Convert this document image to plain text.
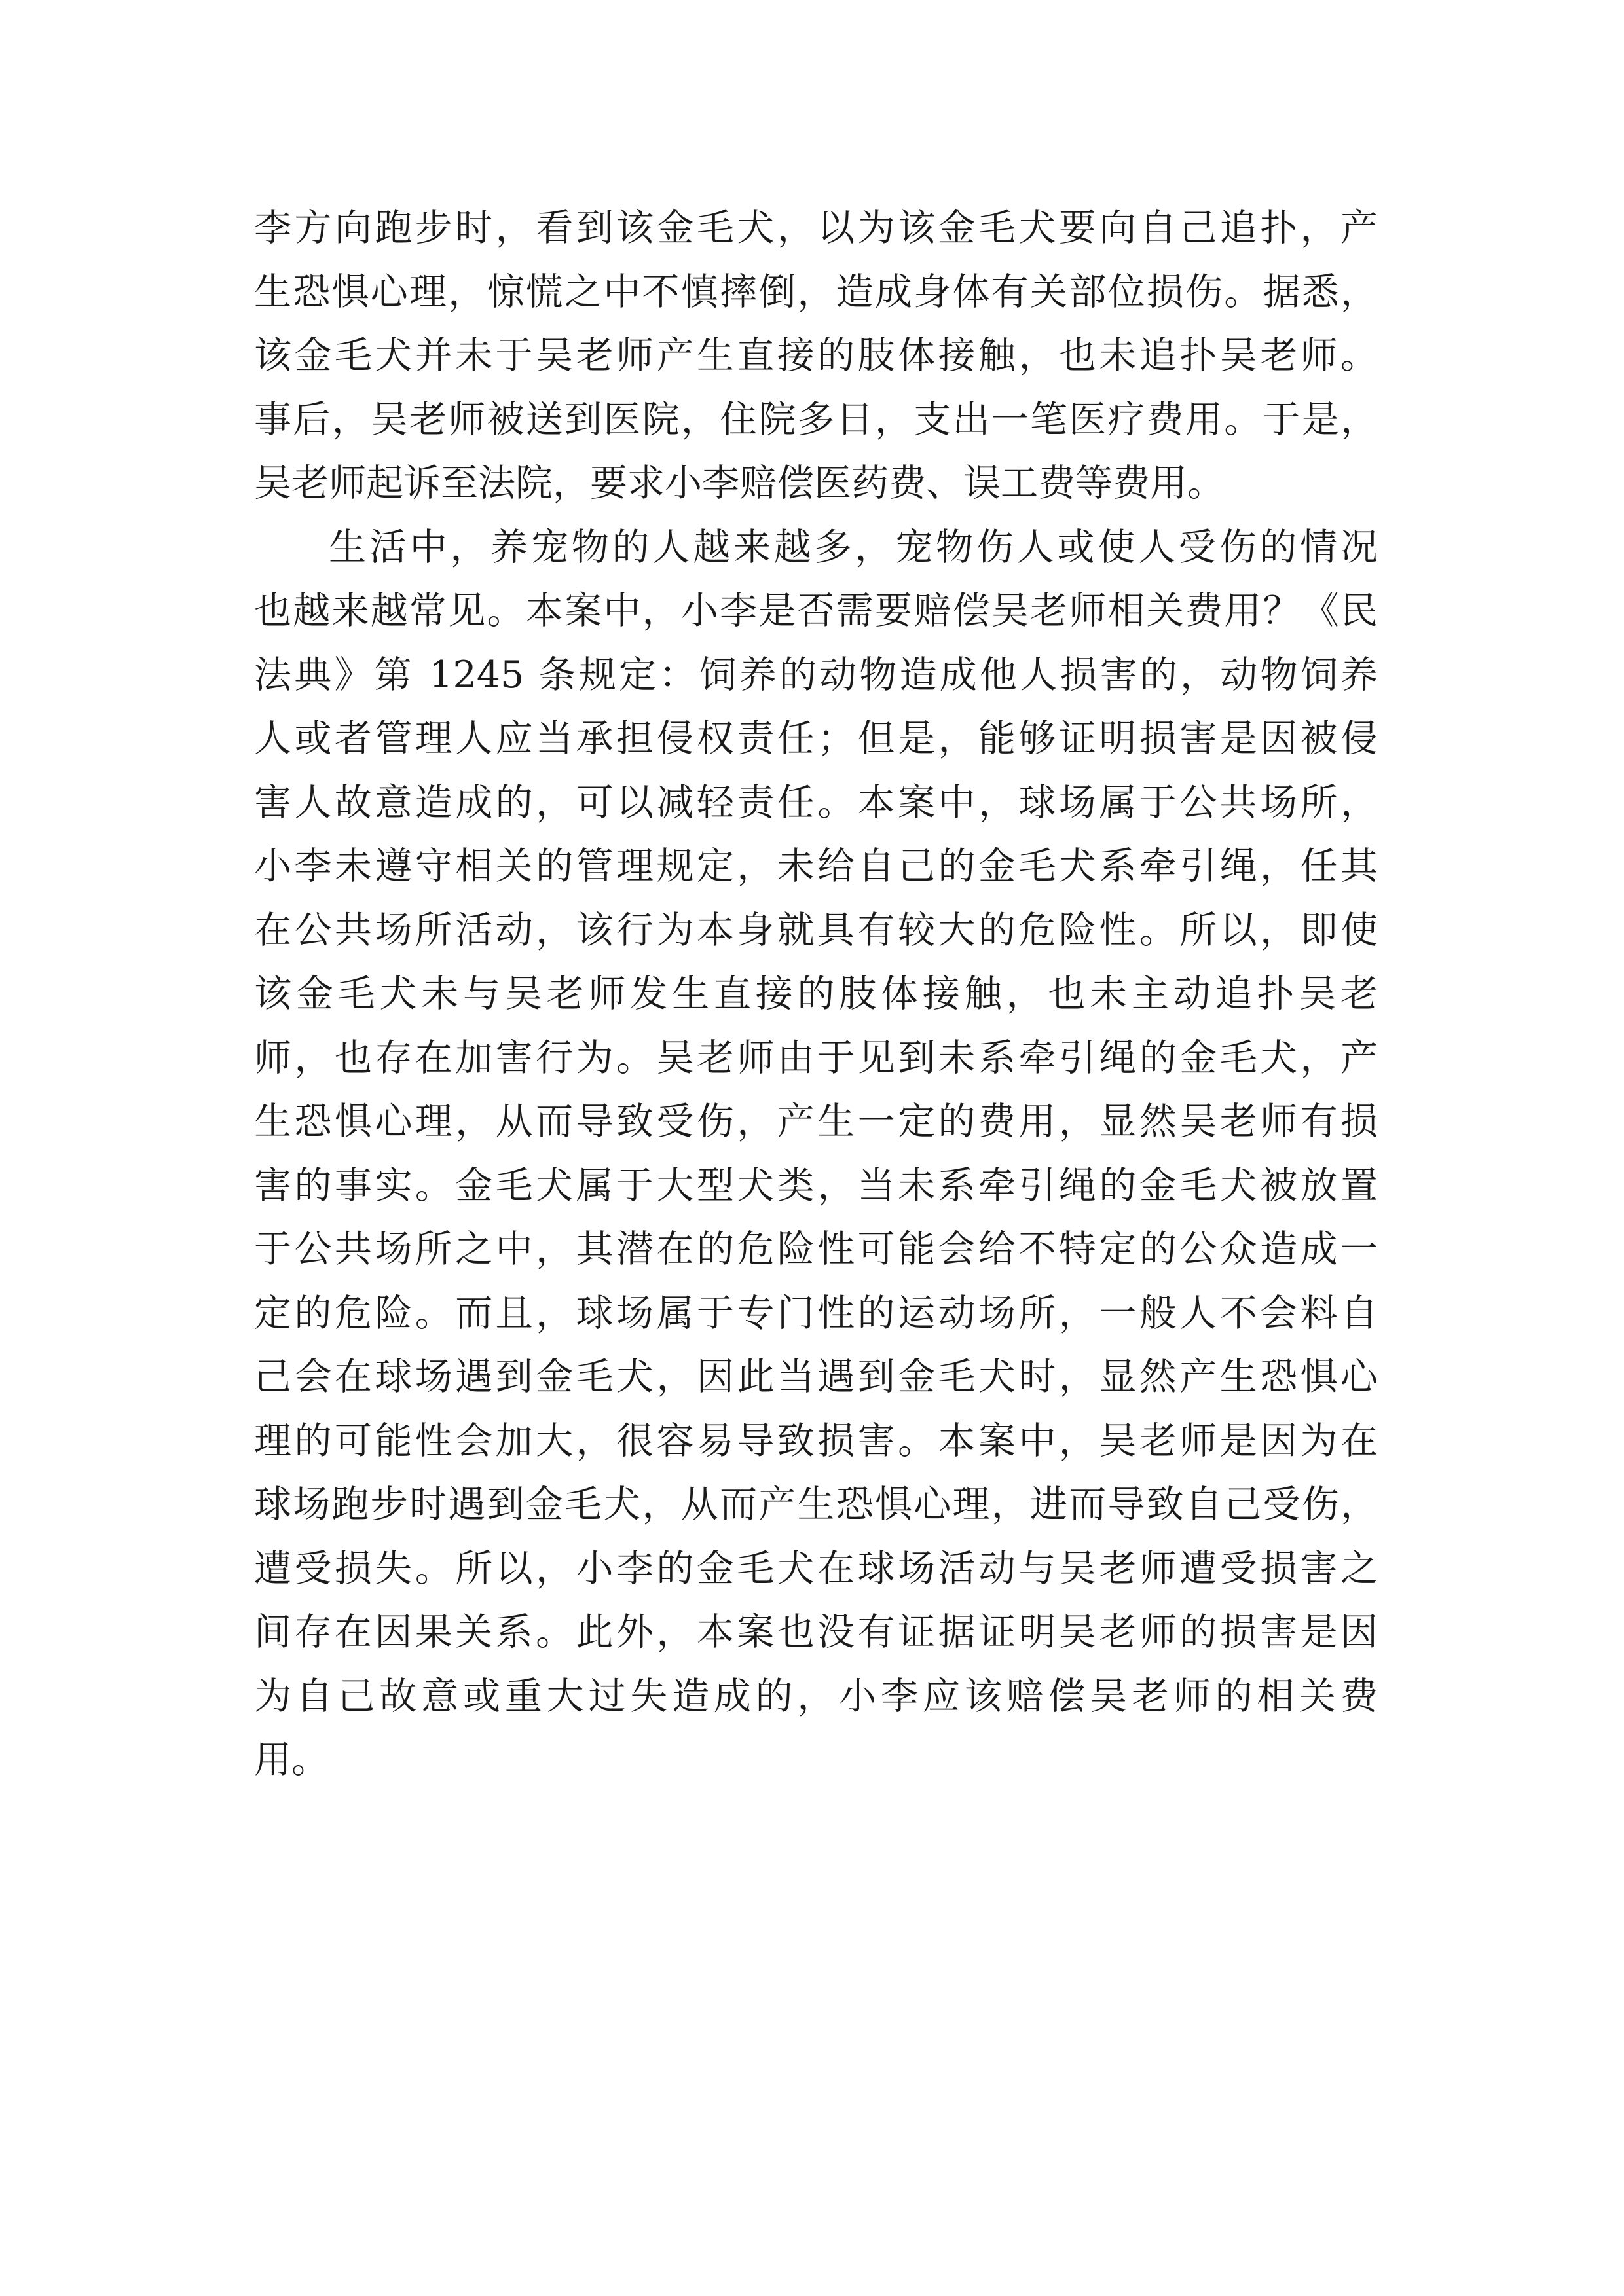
李方向跑步时，看到该金毛犬，以为该金毛犬要向自己追扑，产
生恐惧心理，惊慌之中不慎摔倒，造成身体有关部位损伤。据悉，
该金毛犬并未于吴老师产生直接的肢体接触，也未追扑吴老师。
事后，吴老师被送到医院，住院多日，支出一笔医疗费用。于是，
吴老师起诉至法院，要求小李赔偿医药费、误工费等费用。
生活中，养宠物的人越来越多，宠物伤人或使人受伤的情况
也越来越常见。本案中，小李是否需要赔偿吴老师相关费用？《民
法典》第 1245 条规定：饲养的动物造成他人损害的，动物饲养
人或者管理人应当承担侵权责任；但是，能够证明损害是因被侵
害人故意造成的，可以减轻责任。本案中，球场属于公共场所，
小李未遵守相关的管理规定，未给自己的金毛犬系牵引绳，任其
在公共场所活动，该行为本身就具有较大的危险性。所以，即使
该金毛犬未与吴老师发生直接的肢体接触，也未主动追扑吴老
师，也存在加害行为。吴老师由于见到未系牵引绳的金毛犬，产
生恐惧心理，从而导致受伤，产生一定的费用，显然吴老师有损
害的事实。金毛犬属于大型犬类，当未系牵引绳的金毛犬被放置
于公共场所之中，其潜在的危险性可能会给不特定的公众造成一
定的危险。而且，球场属于专门性的运动场所，一般人不会料自
己会在球场遇到金毛犬，因此当遇到金毛犬时，显然产生恐惧心
理的可能性会加大，很容易导致损害。本案中，吴老师是因为在
球场跑步时遇到金毛犬，从而产生恐惧心理，进而导致自己受伤，
遭受损失。所以，小李的金毛犬在球场活动与吴老师遭受损害之
间存在因果关系。此外，本案也没有证据证明吴老师的损害是因
为自己故意或重大过失造成的，小李应该赔偿吴老师的相关费
用。
